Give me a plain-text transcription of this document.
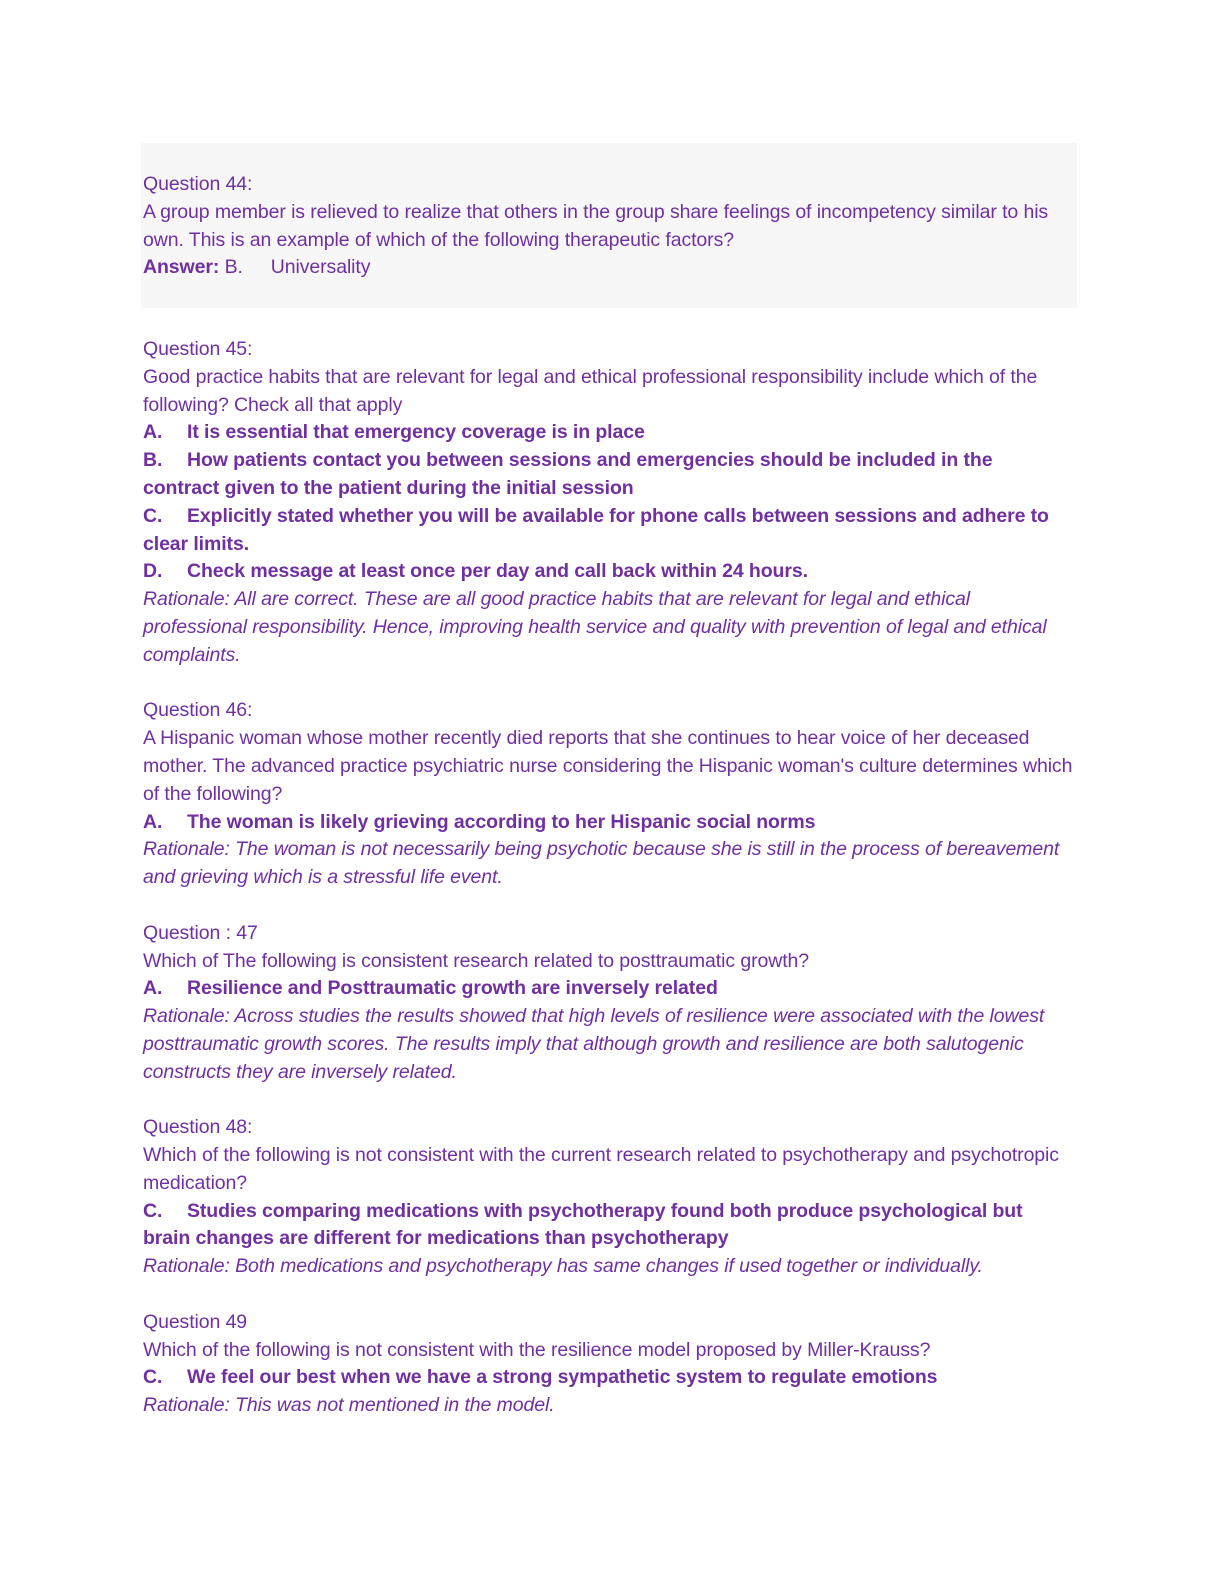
Question 44:

A group member is relieved to realize that others in the group share feelings of incompetency similar to his own. This is an example of which of the following therapeutic factors?

Answer: B. Universality

Question 45:

Good practice habits that are relevant for legal and ethical professional responsibility include which of the following? Check all that apply

A. It is essential that emergency coverage is in place

B. How patients contact you between sessions and emergencies should be included in the contract given to the patient during the initial session

C. Explicitly stated whether you will be available for phone calls between sessions and adhere to clear limits.

D. Check message at least once per day and call back within 24 hours.

Rationale: All are correct. These are all good practice habits that are relevant for legal and ethical professional responsibility. Hence, improving health service and quality with prevention of legal and ethical complaints.

Question 46:

A Hispanic woman whose mother recently died reports that she continues to hear voice of her deceased mother. The advanced practice psychiatric nurse considering the Hispanic woman's culture determines which of the following?

A. The woman is likely grieving according to her Hispanic social norms

Rationale: The woman is not necessarily being psychotic because she is still in the process of bereavement and grieving which is a stressful life event.

Question : 47

Which of The following is consistent research related to posttraumatic growth?

A. Resilience and Posttraumatic growth are inversely related

Rationale: Across studies the results showed that high levels of resilience were associated with the lowest posttraumatic growth scores. The results imply that although growth and resilience are both salutogenic constructs they are inversely related.

Question 48:

Which of the following is not consistent with the current research related to psychotherapy and psychotropic medication?

C. Studies comparing medications with psychotherapy found both produce psychological but brain changes are different for medications than psychotherapy

Rationale: Both medications and psychotherapy has same changes if used together or individually.

Question 49

Which of the following is not consistent with the resilience model proposed by Miller-Krauss?

C. We feel our best when we have a strong sympathetic system to regulate emotions

Rationale: This was not mentioned in the model.
